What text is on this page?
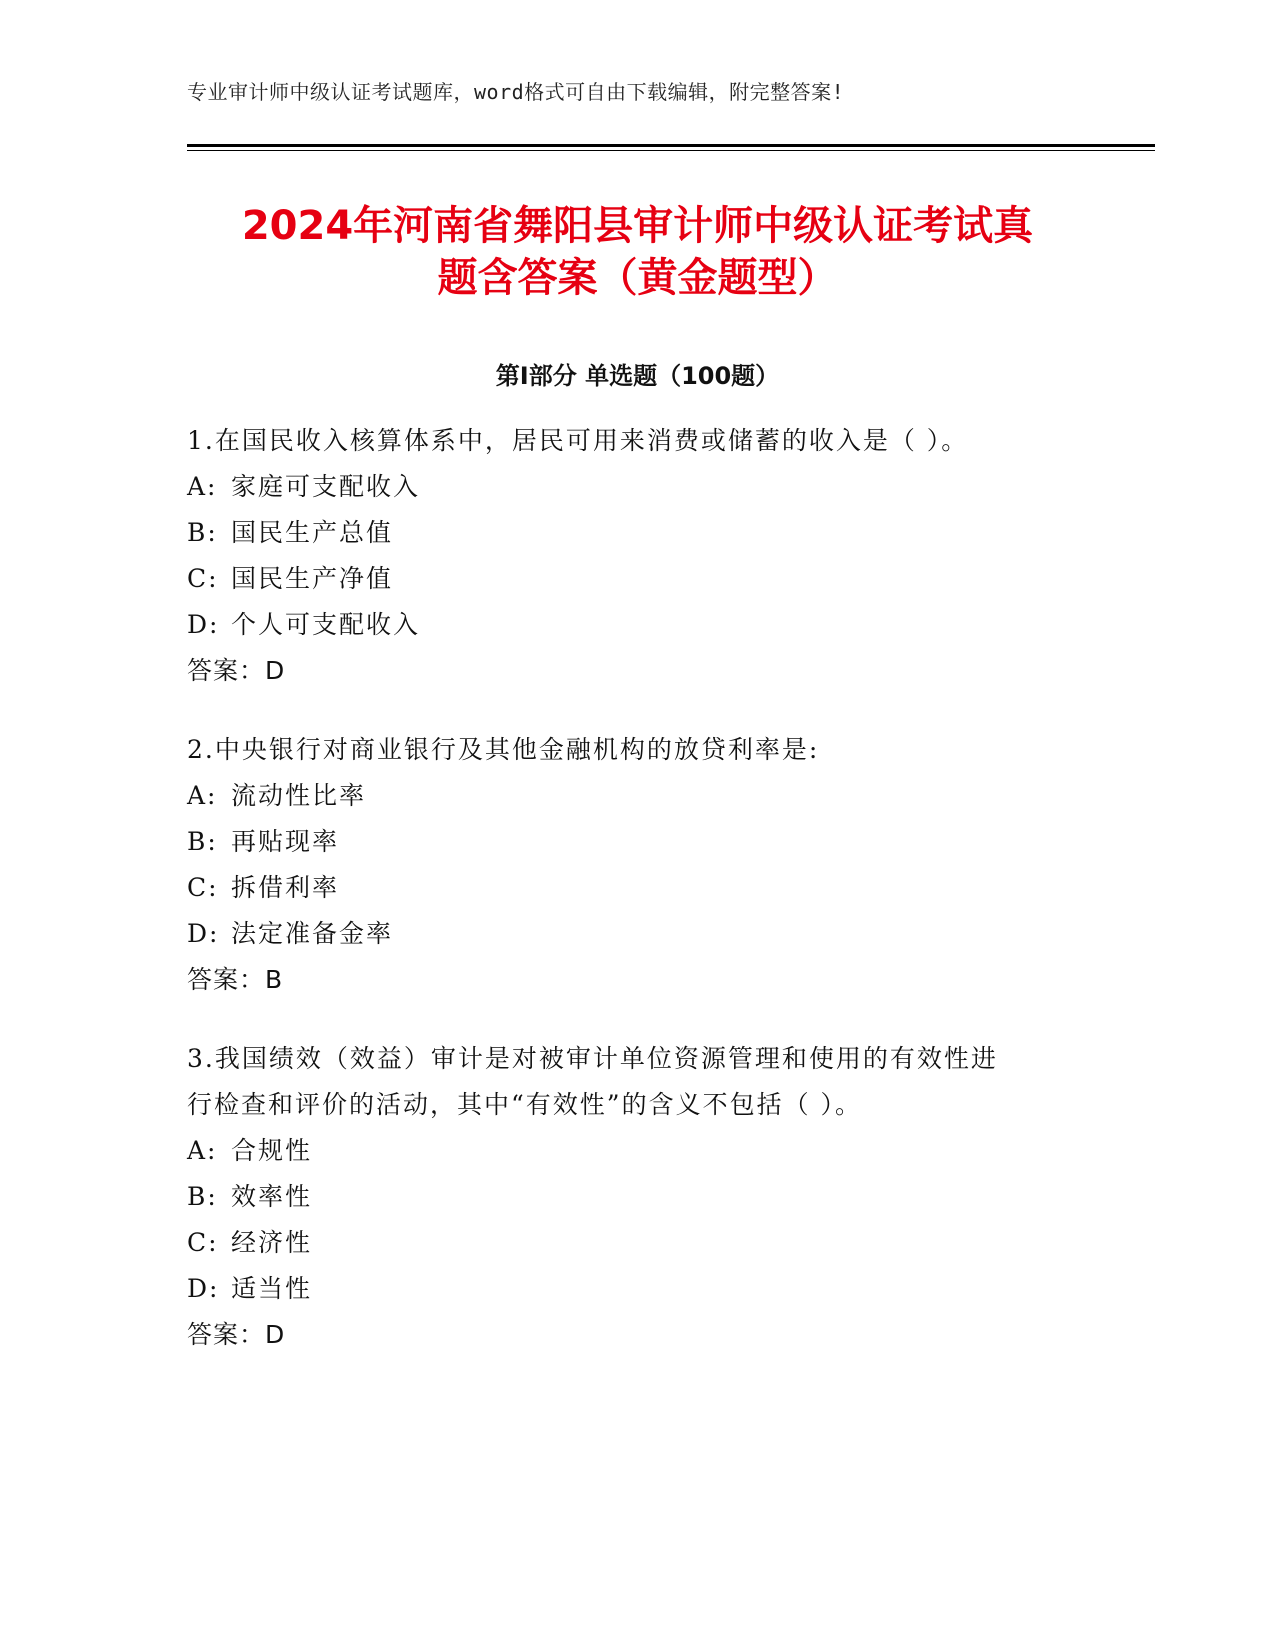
专业审计师中级认证考试题库，word格式可自由下载编辑，附完整答案!
2024年河南省舞阳县审计师中级认证考试真
题含答案（黄金题型）
第I部分 单选题（100题）
1.在国民收入核算体系中，居民可用来消费或储蓄的收入是（ ）。
A: 家庭可支配收入
B: 国民生产总值
C: 国民生产净值
D: 个人可支配收入
答案：D
2.中央银行对商业银行及其他金融机构的放贷利率是:
A: 流动性比率
B: 再贴现率
C: 拆借利率
D: 法定准备金率
答案：B
3.我国绩效（效益）审计是对被审计单位资源管理和使用的有效性进
行检查和评价的活动，其中“有效性”的含义不包括（ ）。
A: 合规性
B: 效率性
C: 经济性
D: 适当性
答案：D
